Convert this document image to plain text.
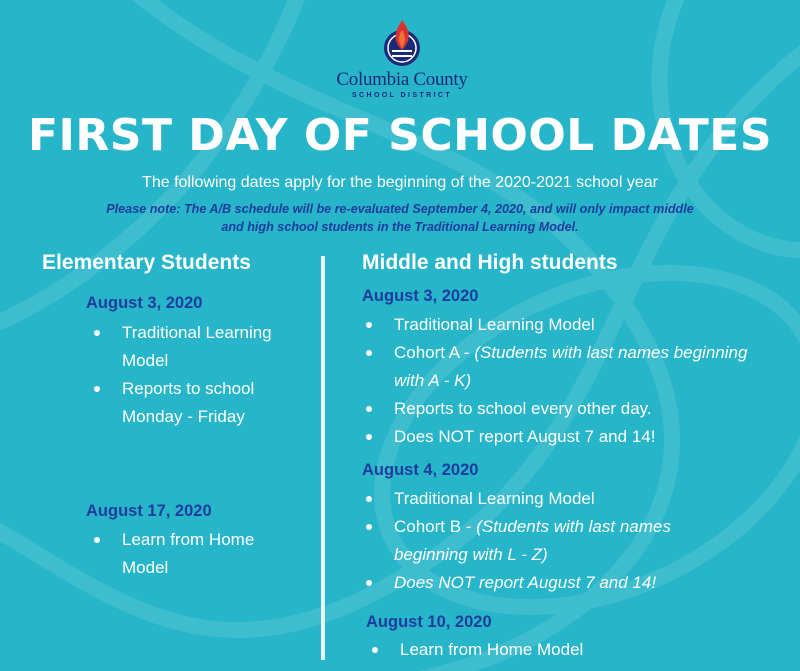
Columbia County
SCHOOL DISTRICT
FIRST DAY OF SCHOOL DATES
The following dates apply for the beginning of the 2020-2021 school year
Please note: The A/B schedule will be re-evaluated September 4, 2020, and will only impact middle
and high school students in the Traditional Learning Model.
Elementary Students
August 3, 2020
Traditional Learning Model
Reports to school Monday - Friday
August 17, 2020
Learn from Home Model
Middle and High students
August 3, 2020
Traditional Learning Model
Cohort A - (Students with last names beginning with A - K)
Reports to school every other day.
Does NOT report August 7 and 14!
August 4, 2020
Traditional Learning Model
Cohort B - (Students with last names beginning with L - Z)
Does NOT report August 7 and 14!
August 10, 2020
Learn from Home Model
